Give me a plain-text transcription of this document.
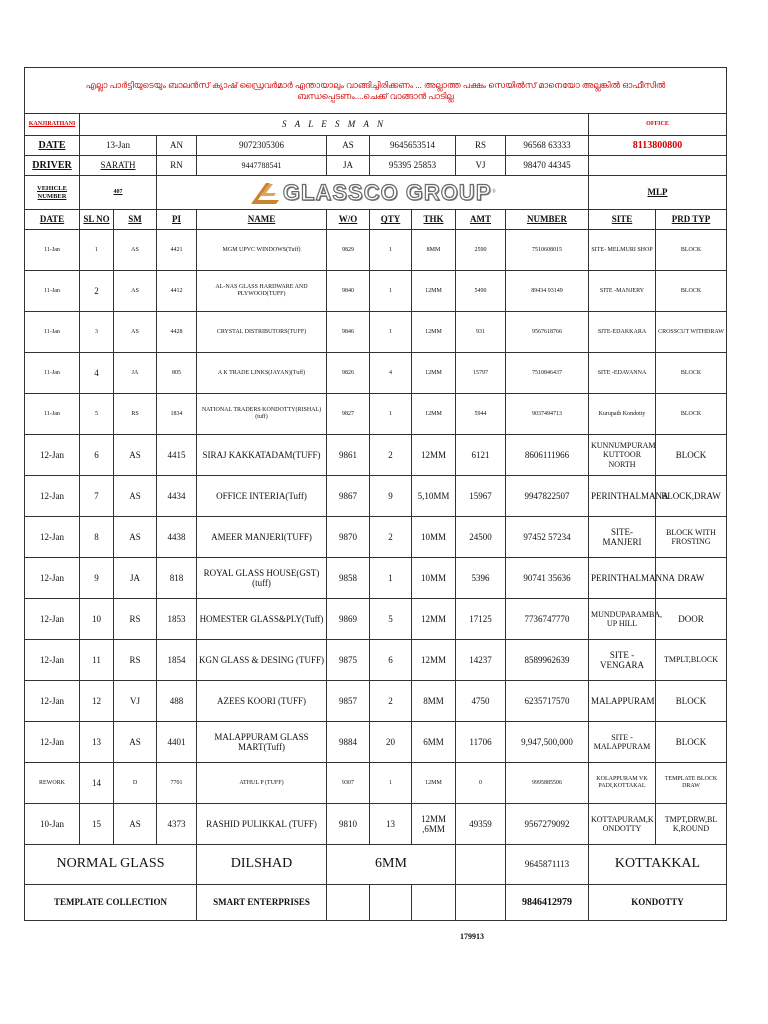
എല്ലാ പാർട്ടിയുടെയും ബാലൻസ് ക്യാഷ് ഡ്രൈവർമാർ എന്തായാലും വാങ്ങിച്ചിരിക്കണം ... അല്ലാത്ത പക്ഷം സെയിൽസ് മാനെയോ അല്ലങ്കിൽ ഓഫീസിൽ ബന്ധപ്പെടണം....ചെക്ക് വാങ്ങാൻ പാടില്ല											
KANJIRATHANI	S A L E S M A N									OFFICE	
DATE	13-Jan		AN	9072305306	AS	9645653514		RS	96568 63333	8113800800	
DRIVER	SARATH		RN	9447788541	JA	95395 25853		VJ	98470 44345		
VEHICLE NUMBER	407		GLASSCO GROUP ®							MLP	
DATE	SL NO	SM	PI	NAME	W/O	QTY	THK	AMT	NUMBER	SITE	PRD TYP
11-Jan	1	AS	4421	MGM UPVC WINDOWS(Tuff)	9829	1	8MM	2590	7510608015	SITE- MELMURI SHOP	BLOCK
11-Jan	2	AS	4412	AL-NAS GLASS HARDWARE AND PLYWOOD(TUFF)	9840	1	12MM	5490	89434 93149	SITE -MANJERY	BLOCK
11-Jan	3	AS	4428	CRYSTAL DISTRIBUTORS(TUFF)	9846	1	12MM	931	9567618766	SITE-EDAKKARA	CROSSCUT WITHDRAW
11-Jan	4	JA	805	A K TRADE LINKS(JAYAN)(Tuff)	9826	4	12MM	15797	7510846437	SITE -EDAVANNA	BLOCK
11-Jan	5	RS	1834	NATIONAL TRADERS KONDOTTY(RISHAL)(tuff)	9827	1	12MM	5944	9037494713	Kurupath Kondotty	BLOCK
12-Jan	6	AS	4415	SIRAJ KAKKATADAM(TUFF)	9861	2	12MM	6121	8606111966	KUNNUMPURAM KUTTOOR NORTH	BLOCK
12-Jan	7	AS	4434	OFFICE INTERIA(Tuff)	9867	9	5,10MM	15967	9947822507	PERINTHALMANA	BLOCK,DRAW
12-Jan	8	AS	4438	AMEER MANJERI(TUFF)	9870	2	10MM	24500	97452 57234	SITE- MANJERI	BLOCK WITH FROSTING
12-Jan	9	JA	818	ROYAL GLASS HOUSE(GST)(tuff)	9858	1	10MM	5396	90741 35636	PERINTHALMANNA	DRAW
12-Jan	10	RS	1853	HOMESTER GLASS&PLY(Tuff)	9869	5	12MM	17125	7736747770	MUNDUPARAMBA, UP HILL	DOOR
12-Jan	11	RS	1854	KGN GLASS & DESING (TUFF)	9875	6	12MM	14237	8589962639	SITE - VENGARA	TMPLT,BLOCK
12-Jan	12	VJ	488	AZEES KOORI (TUFF)	9857	2	8MM	4750	6235717570	MALAPPURAM	BLOCK
12-Jan	13	AS	4401	MALAPPURAM GLASS MART(Tuff)	9884	20	6MM	11706	9,947,500,000	SITE - MALAPPURAM	BLOCK
REWORK	14	D	7701	ATHUL P (TUFF)	9307	1	12MM	0	9995885506	KOLAPPURAM VK PADI,KOTTAKAL	TEMPLATE BLOCK DRAW
10-Jan	15	AS	4373	RASHID PULIKKAL (TUFF)	9810	13	12MM ,6MM	49359	9567279092	KOTTAPURAM,K ONDOTTY	TMPT,DRW,BL K,ROUND
NORMAL GLASS				DILSHAD	6MM				9645871113	KOTTAKKAL	
TEMPLATE COLLECTION				SMART ENTERPRISES					9846412979	KONDOTTY	
179913
